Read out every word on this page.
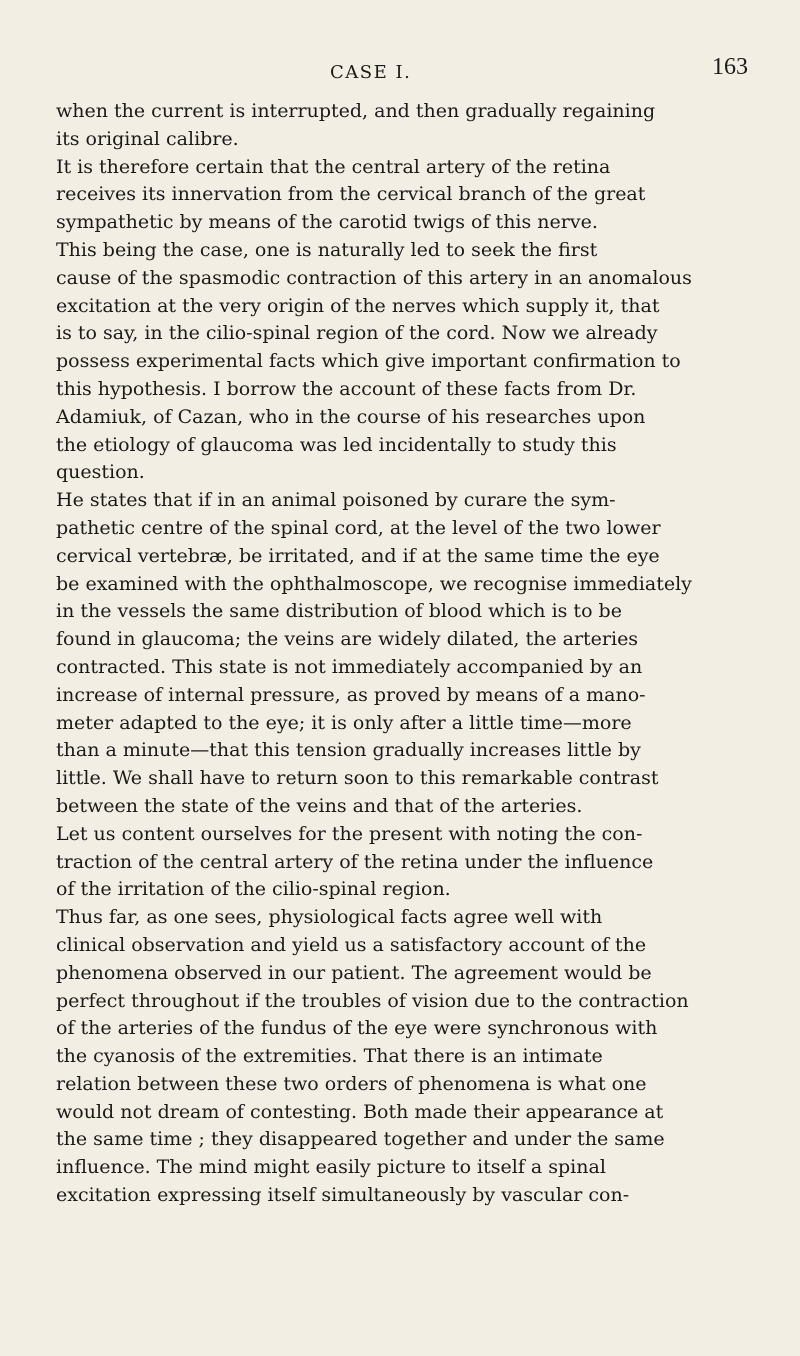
CASE I.	163
when the current is interrupted, and then gradually regaining
its original calibre.
It is therefore certain that the central artery of the retina
receives its innervation from the cervical branch of the great
sympathetic by means of the carotid twigs of this nerve.
This being the case, one is naturally led to seek the first
cause of the spasmodic contraction of this artery in an anomalous
excitation at the very origin of the nerves which supply it, that
is to say, in the cilio-spinal region of the cord. Now we already
possess experimental facts which give important confirmation to
this hypothesis. I borrow the account of these facts from Dr.
Adamiuk, of Cazan, who in the course of his researches upon
the etiology of glaucoma was led incidentally to study this
question.
He states that if in an animal poisoned by curare the sym-
pathetic centre of the spinal cord, at the level of the two lower
cervical vertebræ, be irritated, and if at the same time the eye
be examined with the ophthalmoscope, we recognise immediately
in the vessels the same distribution of blood which is to be
found in glaucoma; the veins are widely dilated, the arteries
contracted. This state is not immediately accompanied by an
increase of internal pressure, as proved by means of a mano-
meter adapted to the eye; it is only after a little time—more
than a minute—that this tension gradually increases little by
little. We shall have to return soon to this remarkable contrast
between the state of the veins and that of the arteries.
Let us content ourselves for the present with noting the con-
traction of the central artery of the retina under the influence
of the irritation of the cilio-spinal region.
Thus far, as one sees, physiological facts agree well with
clinical observation and yield us a satisfactory account of the
phenomena observed in our patient. The agreement would be
perfect throughout if the troubles of vision due to the contraction
of the arteries of the fundus of the eye were synchronous with
the cyanosis of the extremities. That there is an intimate
relation between these two orders of phenomena is what one
would not dream of contesting. Both made their appearance at
the same time ; they disappeared together and under the same
influence. The mind might easily picture to itself a spinal
excitation expressing itself simultaneously by vascular con-
